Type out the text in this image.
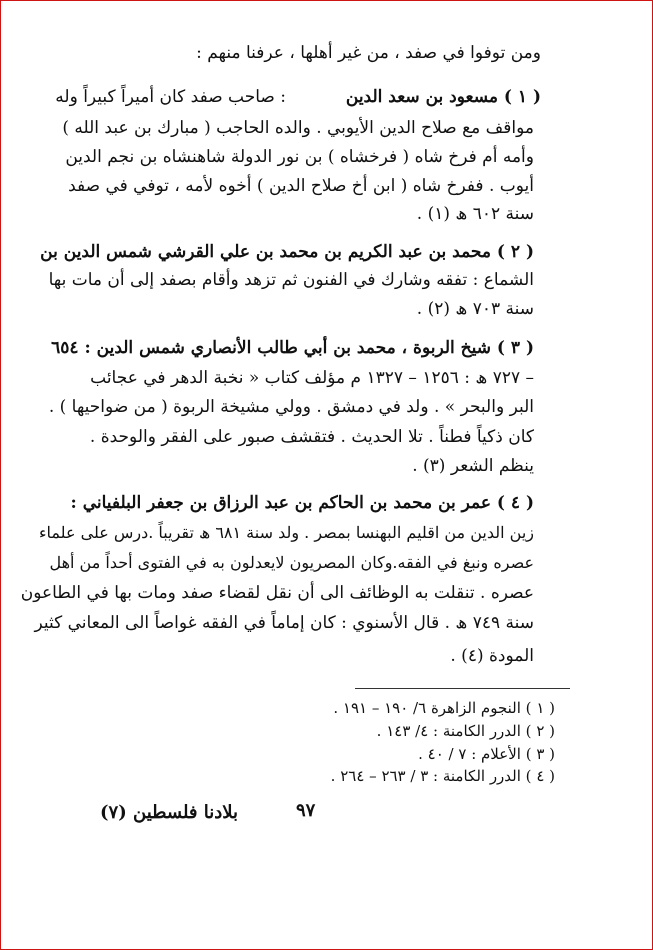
ومن توفوا في صفد ، من غير أهلها ، عرفنا منهم :
( ١ ) مسعود بن سعد الدين
: صاحب صفد كان أميراً كبيراً وله
مواقف مع صلاح الدين الأيوبي . والده الحاجب ( مبارك بن عبد الله )
وأمه أم فرخ شاه ( فرخشاه ) بن نور الدولة شاهنشاه بن نجم الدين
أيوب . ففرخ شاه ( ابن أخ صلاح الدين ) أخوه لأمه ، توفي في صفد
سنة ٦٠٢ ھ (١) .
( ٢ ) محمد بن عبد الكريم بن محمد بن علي القرشي شمس الدين بن
الشماع : تفقه وشارك في الفنون ثم تزهد وأقام بصفد إلى أن مات بها
سنة ٧٠٣ ھ (٢) .
( ٣ ) شيخ الربوة ، محمد بن أبي طالب الأنصاري شمس الدين : ٦٥٤
– ٧٢٧ ھ : ١٢٥٦ – ١٣٢٧ م مؤلف كتاب « نخبة الدهر في عجائب
البر والبحر » . ولد في دمشق . وولي مشيخة الربوة ( من ضواحيها ) .
كان ذكياً فطناً . تلا الحديث . فتقشف صبور على الفقر والوحدة .
ينظم الشعر (٣) .
( ٤ ) عمر بن محمد بن الحاكم بن عبد الرزاق بن جعفر البلفياني :
زين الدين من اقليم البهنسا بمصر . ولد سنة ٦٨١ ھ تقريباً .درس على علماء
عصره ونبغ في الفقه.وكان المصريون لايعدلون به في الفتوى أحداً من أهل
عصره . تنقلت به الوظائف الى أن نقل لقضاء صفد ومات بها في الطاعون
سنة ٧٤٩ ھ . قال الأسنوي : كان إماماً في الفقه غواصاً الى المعاني كثير
المودة (٤) .
( ١ ) النجوم الزاهرة ٦/ ١٩٠ – ١٩١ .
( ٢ ) الدرر الكامنة : ٤/ ١٤٣ .
( ٣ ) الأعلام : ٧ / ٤٠ .
( ٤ ) الدرر الكامنة : ٣ / ٢٦٣ – ٢٦٤ .
٩٧
بلادنا فلسطين (٧)
